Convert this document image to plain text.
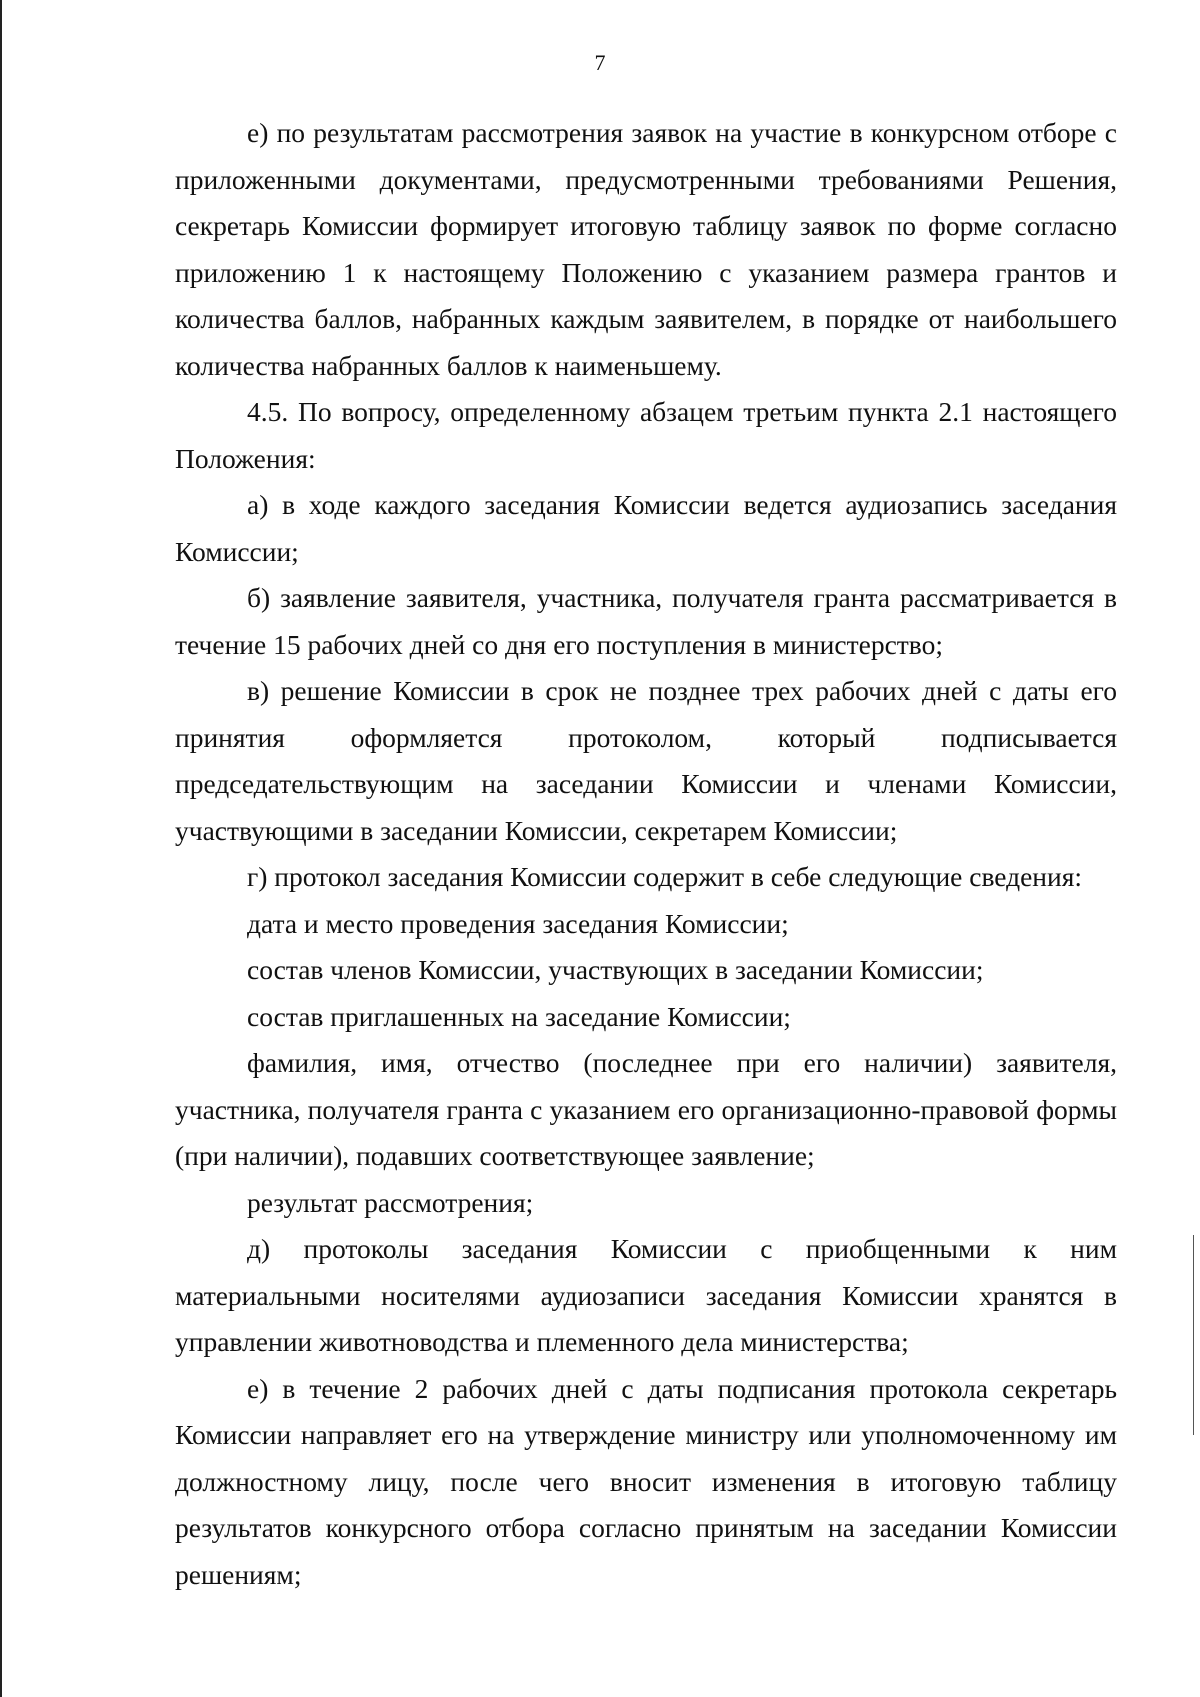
7

е) по результатам рассмотрения заявок на участие в конкурсном отборе с приложенными документами, предусмотренными требованиями Решения, секретарь Комиссии формирует итоговую таблицу заявок по форме согласно приложению 1 к настоящему Положению с указанием размера грантов и количества баллов, набранных каждым заявителем, в порядке от наибольшего количества набранных баллов к наименьшему.

4.5. По вопросу, определенному абзацем третьим пункта 2.1 настоящего Положения:

а) в ходе каждого заседания Комиссии ведется аудиозапись заседания Комиссии;

б) заявление заявителя, участника, получателя гранта рассматривается в течение 15 рабочих дней со дня его поступления в министерство;

в) решение Комиссии в срок не позднее трех рабочих дней с даты его принятия оформляется протоколом, который подписывается председательствующим на заседании Комиссии и членами Комиссии, участвующими в заседании Комиссии, секретарем Комиссии;

г) протокол заседания Комиссии содержит в себе следующие сведения:

дата и место проведения заседания Комиссии;

состав членов Комиссии, участвующих в заседании Комиссии;

состав приглашенных на заседание Комиссии;

фамилия, имя, отчество (последнее при его наличии) заявителя, участника, получателя гранта с указанием его организационно-правовой формы (при наличии), подавших соответствующее заявление;

результат рассмотрения;

д) протоколы заседания Комиссии с приобщенными к ним материальными носителями аудиозаписи заседания Комиссии хранятся в управлении животноводства и племенного дела министерства;

е) в течение 2 рабочих дней с даты подписания протокола секретарь Комиссии направляет его на утверждение министру или уполномоченному им должностному лицу, после чего вносит изменения в итоговую таблицу результатов конкурсного отбора согласно принятым на заседании Комиссии решениям;
